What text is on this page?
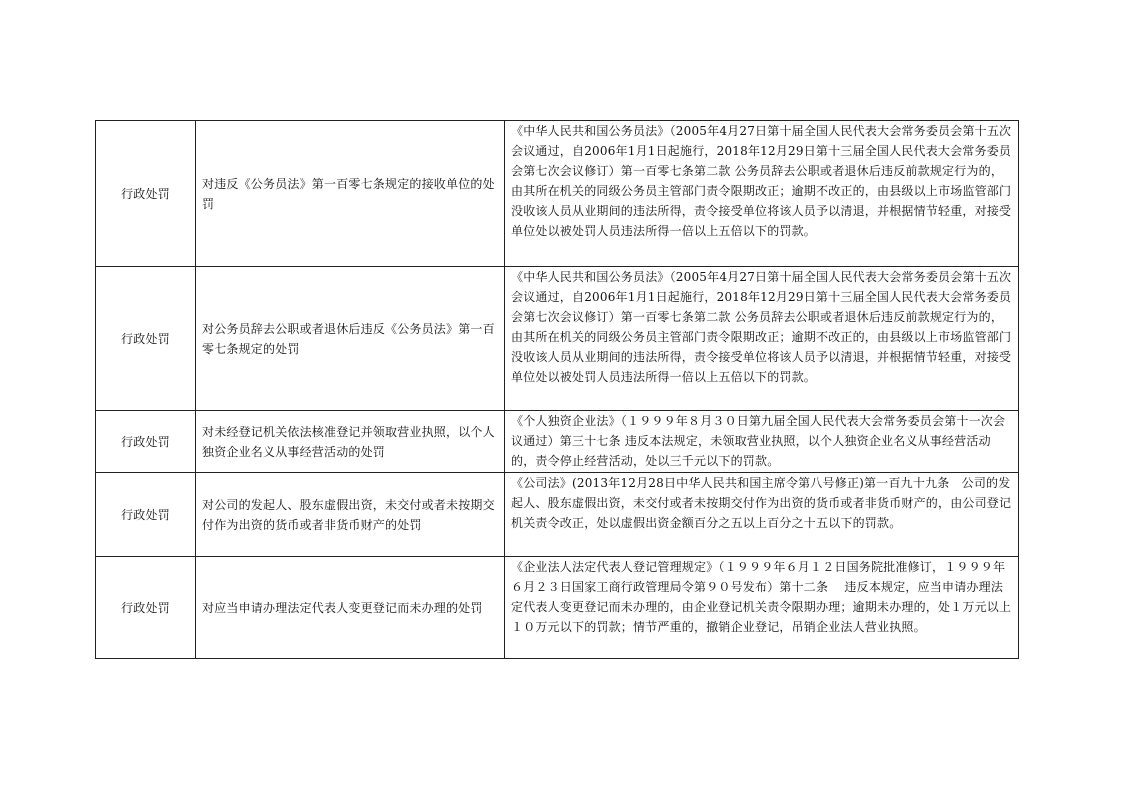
行政处罚	对违反《公务员法》第一百零七条规定的接收单位的处罚	《中华人民共和国公务员法》（2005年4月27日第十届全国人民代表大会常务委员会第十五次会议通过，自2006年1月1日起施行，2018年12月29日第十三届全国人民代表大会常务委员会第七次会议修订）第一百零七条第二款 公务员辞去公职或者退休后违反前款规定行为的，由其所在机关的同级公务员主管部门责令限期改正；逾期不改正的，由县级以上市场监管部门没收该人员从业期间的违法所得，责令接受单位将该人员予以清退，并根据情节轻重，对接受单位处以被处罚人员违法所得一倍以上五倍以下的罚款。
行政处罚	对公务员辞去公职或者退休后违反《公务员法》第一百零七条规定的处罚	《中华人民共和国公务员法》（2005年4月27日第十届全国人民代表大会常务委员会第十五次会议通过，自2006年1月1日起施行，2018年12月29日第十三届全国人民代表大会常务委员会第七次会议修订）第一百零七条第二款 公务员辞去公职或者退休后违反前款规定行为的，由其所在机关的同级公务员主管部门责令限期改正；逾期不改正的，由县级以上市场监管部门没收该人员从业期间的违法所得，责令接受单位将该人员予以清退，并根据情节轻重，对接受单位处以被处罚人员违法所得一倍以上五倍以下的罚款。
行政处罚	对未经登记机关依法核准登记并领取营业执照，以个人独资企业名义从事经营活动的处罚	《个人独资企业法》（１９９９年８月３０日第九届全国人民代表大会常务委员会第十一次会议通过）第三十七条 违反本法规定，未领取营业执照，以个人独资企业名义从事经营活动的，责令停止经营活动，处以三千元以下的罚款。
行政处罚	对公司的发起人、股东虚假出资，未交付或者未按期交付作为出资的货币或者非货币财产的处罚	《公司法》(2013年12月28日中华人民共和国主席令第八号修正)第一百九十九条　公司的发起人、股东虚假出资，未交付或者未按期交付作为出资的货币或者非货币财产的，由公司登记机关责令改正，处以虚假出资金额百分之五以上百分之十五以下的罚款。
行政处罚	对应当申请办理法定代表人变更登记而未办理的处罚	《企业法人法定代表人登记管理规定》（１９９９年６月１２日国务院批准修订，１９９９年６月２３日国家工商行政管理局令第９０号发布）第十二条　 违反本规定，应当申请办理法定代表人变更登记而未办理的，由企业登记机关责令限期办理；逾期未办理的，处１万元以上１０万元以下的罚款；情节严重的，撤销企业登记，吊销企业法人营业执照。
